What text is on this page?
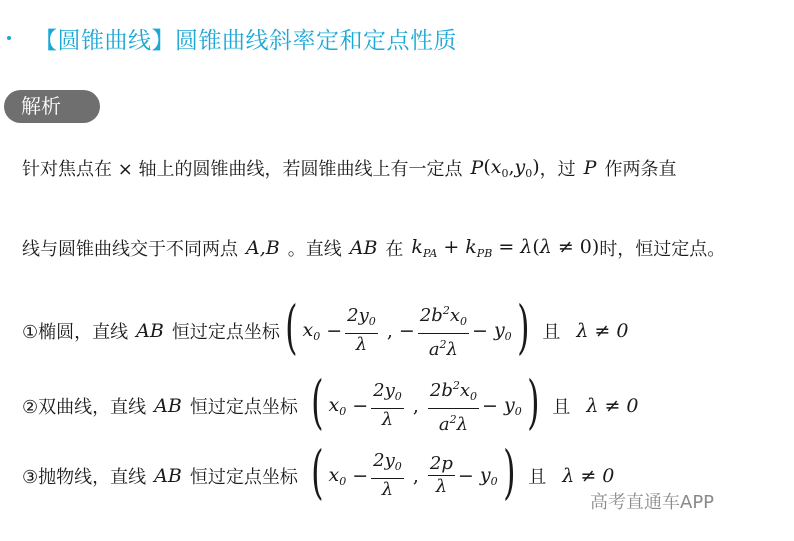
【圆锥曲线】圆锥曲线斜率定和定点性质
解析
针对焦点在 × 轴上的圆锥曲线，若圆锥曲线上有一定点 P $(x_0,y_0)$ ，过 P 作两条直
线与圆锥曲线交于不同两点 A,B 。直线 AB 在 $k_{PA} + k_{PB} = \lambda(\lambda \ne 0)$ 时，恒过定点。
①椭圆，直线 AB 恒过定点坐标 ( $x_0 - \frac{2y_0}{\lambda}$ , − $\frac{2b^2x_0}{a^2\lambda} - y_0$ ) 且 λ ≠ 0
②双曲线，直线 AB 恒过定点坐标 ( $x_0 - \frac{2y_0}{\lambda}$ , $\frac{2b^2x_0}{a^2\lambda} - y_0$ ) 且 λ ≠ 0
③抛物线，直线 AB 恒过定点坐标 ( $x_0 - \frac{2y_0}{\lambda}$ , $\frac{2p}{\lambda} - y_0$ ) 且 λ ≠ 0
高考直通车APP
